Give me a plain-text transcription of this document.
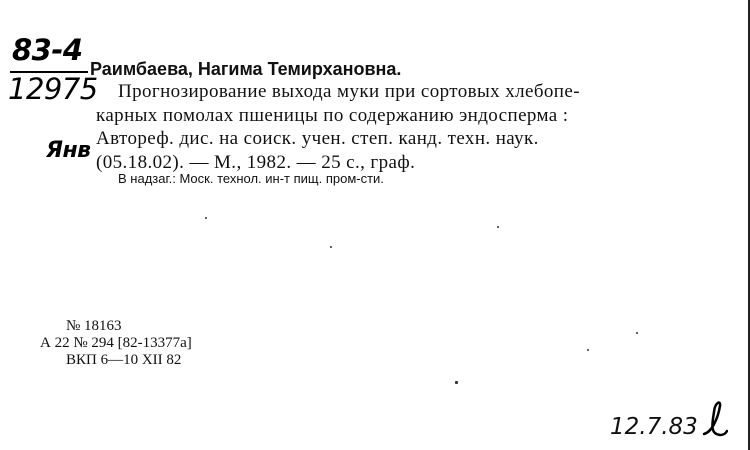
83-4
12975
Янв
Раимбаева, Нагима Темирхановна.
Прогнозирование выхода муки при сортовых хлебопе-
карных помолах пшеницы по содержанию эндосперма :
Автореф. дис. на соиск. учен. степ. канд. техн. наук.
(05.18.02). — М., 1982. — 25 с., граф.
В надзаг.: Моск. технол. ин-т пищ. пром-сти.
№ 18163
А 22 № 294 [82-13377а]
ВКП 6—10 XII 82
12.7.83
